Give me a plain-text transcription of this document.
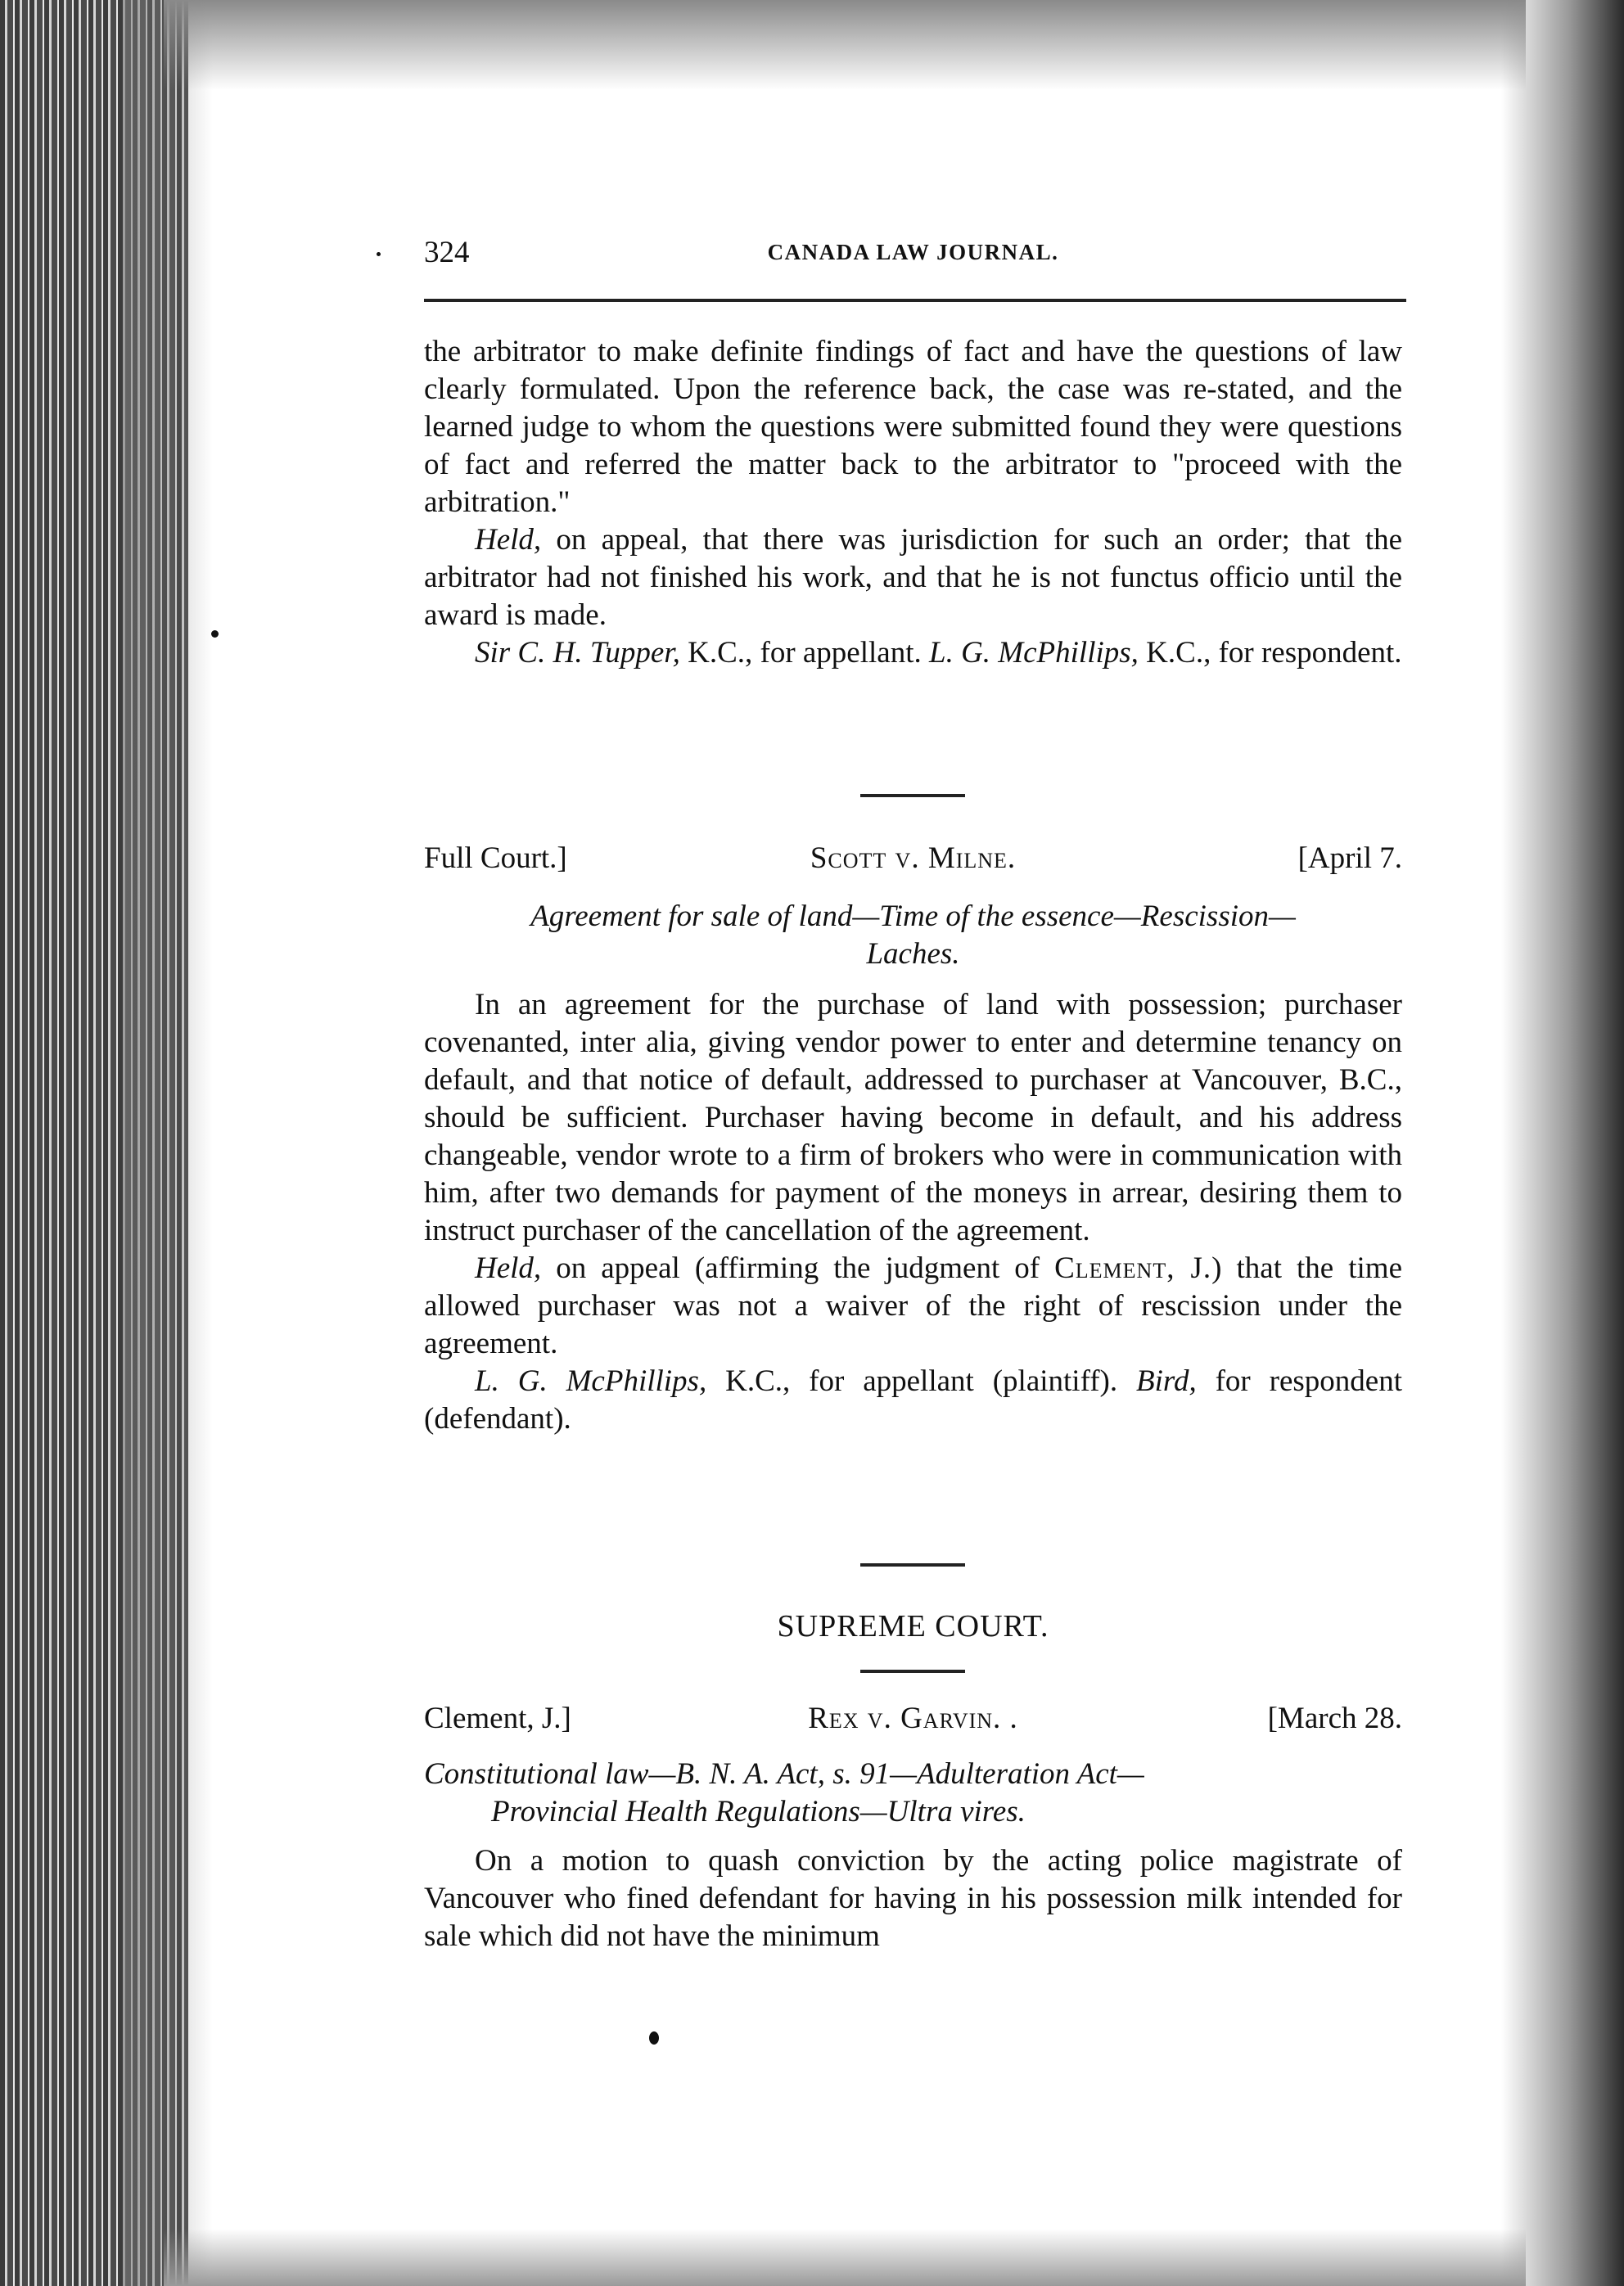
324	CANADA LAW JOURNAL.

the arbitrator to make definite findings of fact and have the questions of law clearly formulated. Upon the reference back, the case was re-stated, and the learned judge to whom the questions were submitted found they were questions of fact and referred the matter back to the arbitrator to "proceed with the arbitration."

Held, on appeal, that there was jurisdiction for such an order; that the arbitrator had not finished his work, and that he is not functus officio until the award is made.

Sir C. H. Tupper, K.C., for appellant. L. G. McPhillips, K.C., for respondent.

Full Court.]	Scott v. Milne.	[April 7.
Agreement for sale of land—Time of the essence—Rescission—
Laches.

In an agreement for the purchase of land with possession; purchaser covenanted, inter alia, giving vendor power to enter and determine tenancy on default, and that notice of default, addressed to purchaser at Vancouver, B.C., should be sufficient. Purchaser having become in default, and his address changeable, vendor wrote to a firm of brokers who were in communication with him, after two demands for payment of the moneys in arrear, desiring them to instruct purchaser of the cancellation of the agreement.

Held, on appeal (affirming the judgment of Clement, J.) that the time allowed purchaser was not a waiver of the right of rescission under the agreement.

L. G. McPhillips, K.C., for appellant (plaintiff). Bird, for respondent (defendant).

SUPREME COURT.
Clement, J.]	Rex v. Garvin. .	[March 28.
Constitutional law—B. N. A. Act, s. 91—Adulteration Act—
Provincial Health Regulations—Ultra vires.

On a motion to quash conviction by the acting police magistrate of Vancouver who fined defendant for having in his possession milk intended for sale which did not have the minimum
